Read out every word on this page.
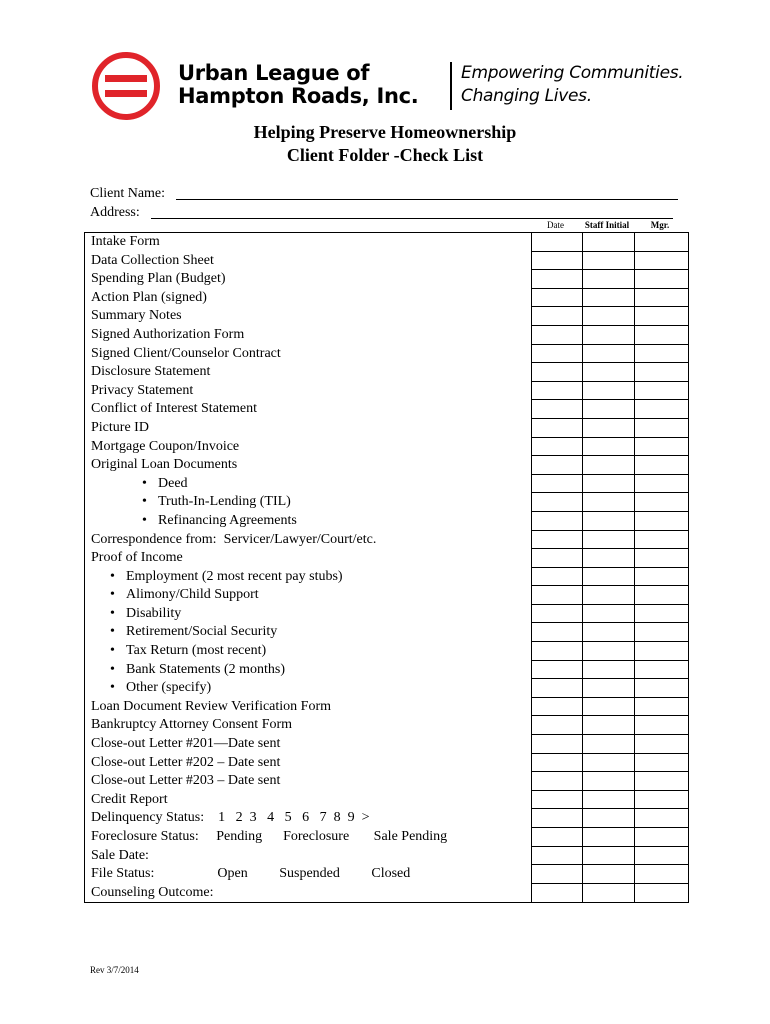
Urban League of
Hampton Roads, Inc.
Empowering Communities.
Changing Lives.
Helping Preserve Homeownership
Client Folder -Check List
Client Name:
Address:
Date	Staff Initial	Mgr.
Intake Form
Data Collection Sheet
Spending Plan (Budget)
Action Plan (signed)
Summary Notes
Signed Authorization Form
Signed Client/Counselor Contract
Disclosure Statement
Privacy Statement
Conflict of Interest Statement
Picture ID
Mortgage Coupon/Invoice
Original Loan Documents
• Deed
• Truth-In-Lending (TIL)
• Refinancing Agreements
Correspondence from:  Servicer/Lawyer/Court/etc.
Proof of Income
• Employment (2 most recent pay stubs)
• Alimony/Child Support
• Disability
• Retirement/Social Security
• Tax Return (most recent)
• Bank Statements (2 months)
• Other (specify)
Loan Document Review Verification Form
Bankruptcy Attorney Consent Form
Close-out Letter #201—Date sent
Close-out Letter #202 – Date sent
Close-out Letter #203 – Date sent
Credit Report
Delinquency Status:    1   2  3   4   5   6   7  8  9  >
Foreclosure Status:     Pending      Foreclosure       Sale Pending
Sale Date:
File Status:                  Open         Suspended         Closed
Counseling Outcome:
Rev 3/7/2014
